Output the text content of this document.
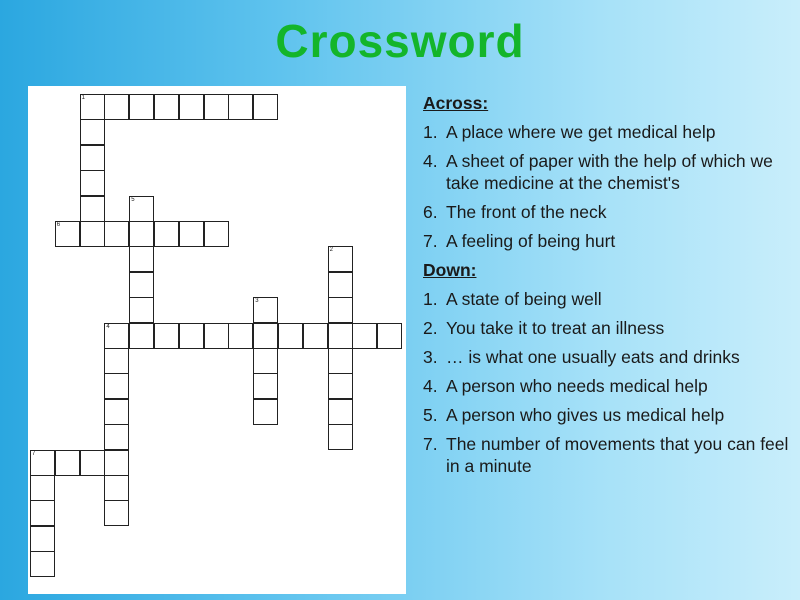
Crossword
1
6
5
2
3
4
7
Across:
1. A place where we get medical help
4. A sheet of paper with the help of which we take medicine at the chemist's
6. The front of the neck
7. A feeling of being hurt
Down:
1. A state of being well
2. You take it to treat an illness
3. … is what one usually eats and drinks
4. A person who needs medical help
5. A person who gives us medical help
7. The number of movements that you can feel in a minute
